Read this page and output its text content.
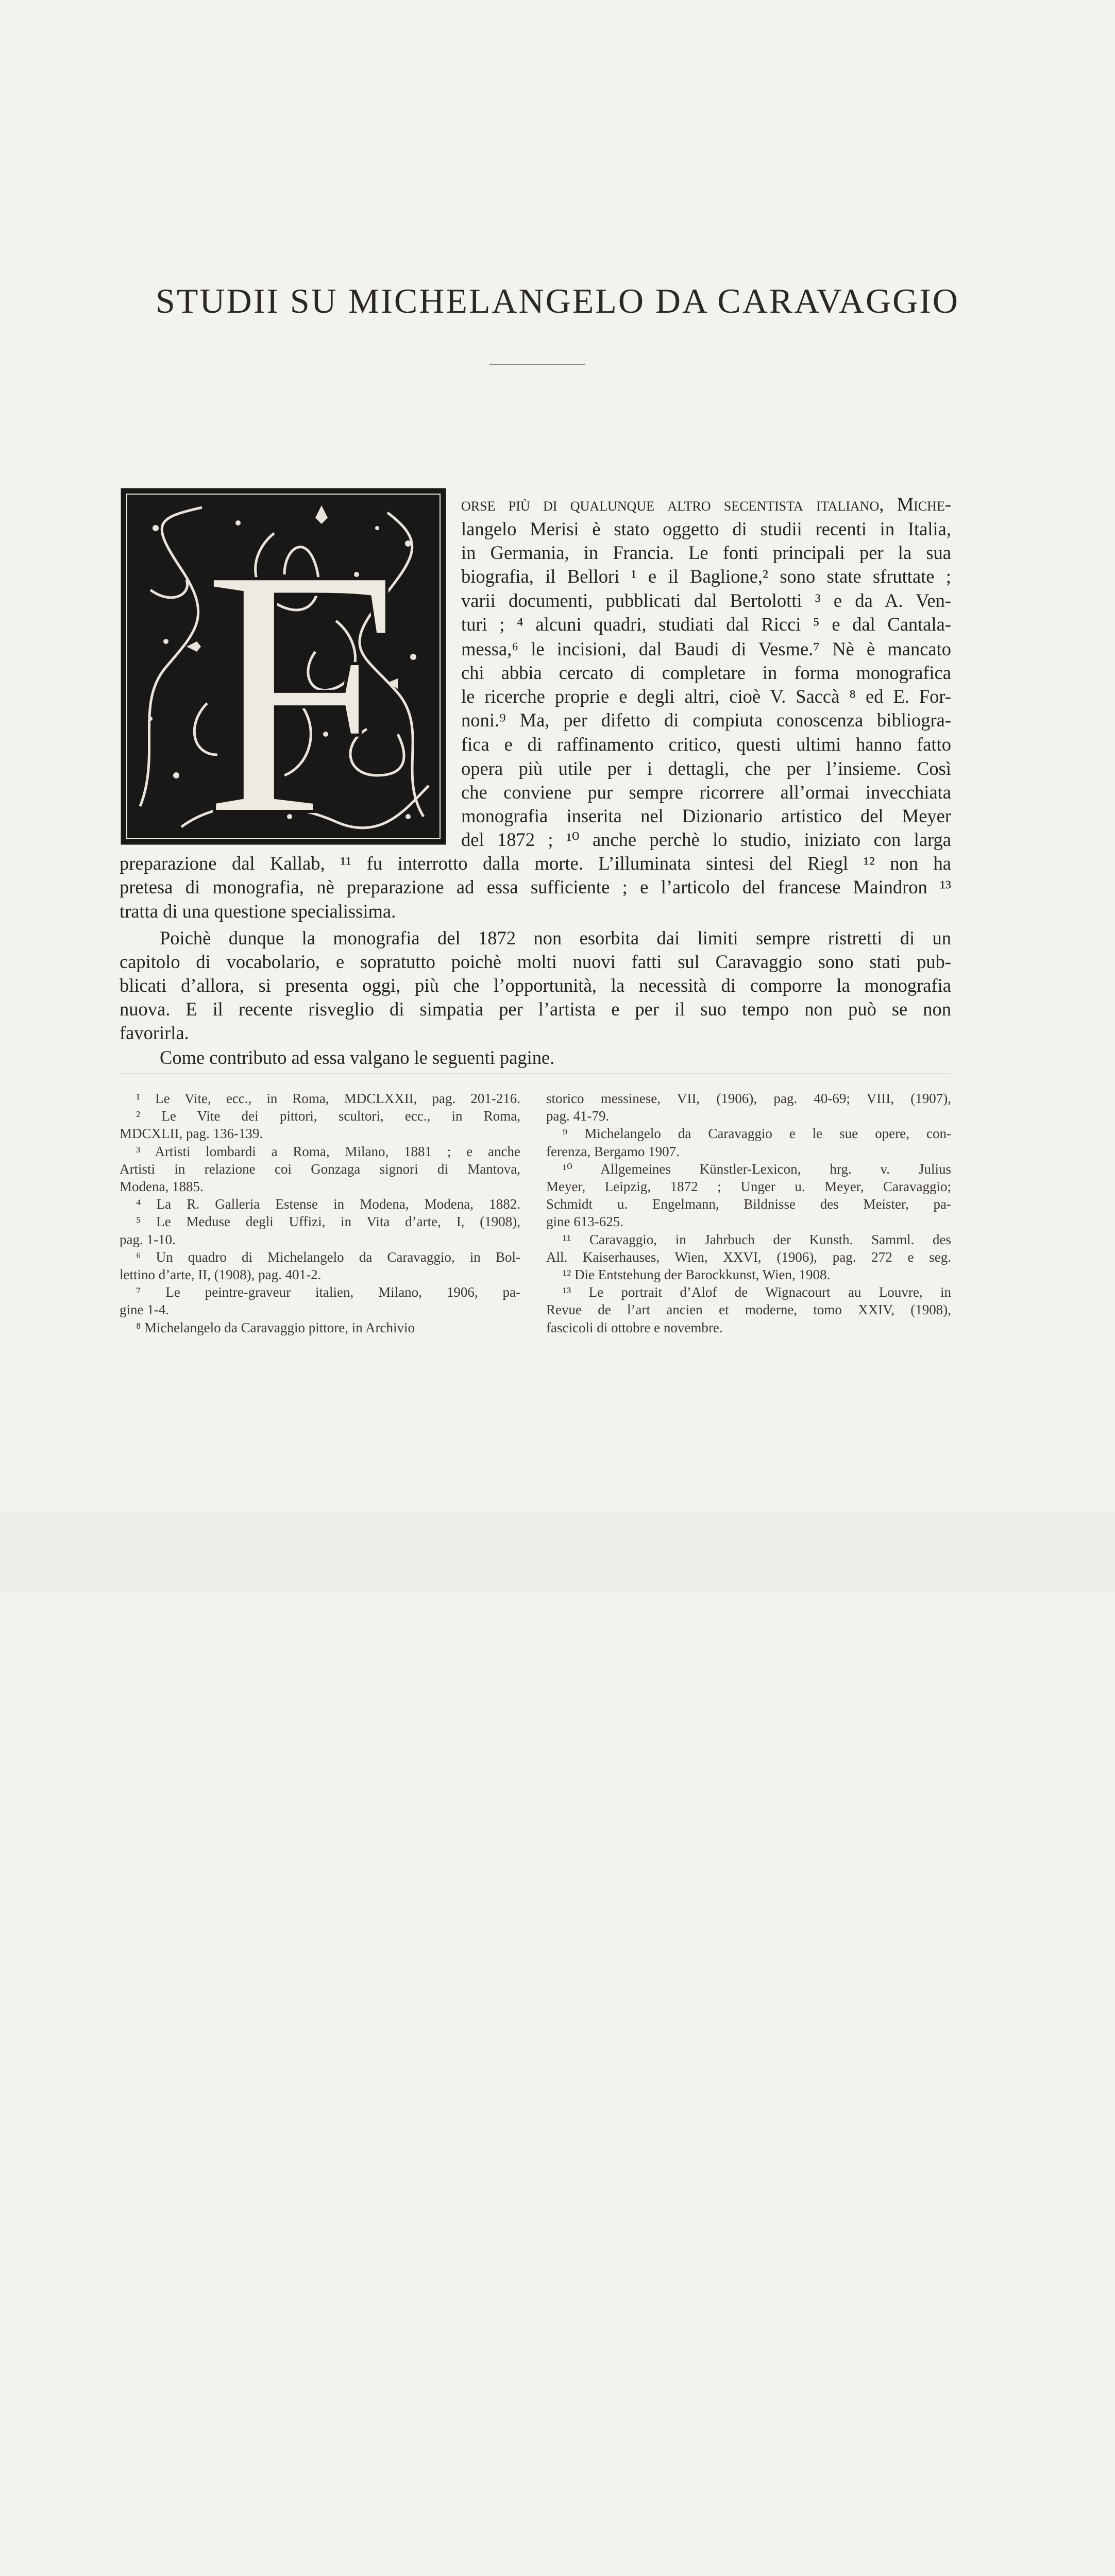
STUDII SU MICHELANGELO DA CARAVAGGIO
F	orse più di qualunque altro secentista italiano, Miche-
langelo Merisi è stato oggetto di studii recenti in Italia,
in Germania, in Francia. Le fonti principali per la sua
biografia, il Bellori ¹ e il Baglione,² sono state sfruttate ;
varii documenti, pubblicati dal Bertolotti ³ e da A. Ven-
turi ; ⁴ alcuni quadri, studiati dal Ricci ⁵ e dal Cantala-
messa,⁶ le incisioni, dal Baudi di Vesme.⁷ Nè è mancato
chi abbia cercato di completare in forma monografica
le ricerche proprie e degli altri, cioè V. Saccà ⁸ ed E. For-
noni.⁹ Ma, per difetto di compiuta conoscenza bibliogra-
fica e di raffinamento critico, questi ultimi hanno fatto
opera più utile per i dettagli, che per l’insieme. Così
che conviene pur sempre ricorrere all’ormai invecchiata
monografia inserita nel Dizionario artistico del Meyer
del 1872 ; ¹⁰ anche perchè lo studio, iniziato con larga
preparazione dal Kallab, ¹¹ fu interrotto dalla morte. L’illuminata sintesi del Riegl ¹² non ha
pretesa di monografia, nè preparazione ad essa sufficiente ; e l’articolo del francese Maindron ¹³
tratta di una questione specialissima.
Poichè dunque la monografia del 1872 non esorbita dai limiti sempre ristretti di un
capitolo di vocabolario, e sopratutto poichè molti nuovi fatti sul Caravaggio sono stati pub-
blicati d’allora, si presenta oggi, più che l’opportunità, la necessità di comporre la monografia
nuova. E il recente risveglio di simpatia per l’artista e per il suo tempo non può se non
favorirla.
Come contributo ad essa valgano le seguenti pagine.
¹ Le Vite, ecc., in Roma, MDCLXXII, pag. 201-216.
² Le Vite dei pittori, scultori, ecc., in Roma,
MDCXLII, pag. 136-139.
³ Artisti lombardi a Roma, Milano, 1881 ; e anche
Artisti in relazione coi Gonzaga signori di Mantova,
Modena, 1885.
⁴ La R. Galleria Estense in Modena, Modena, 1882.
⁵ Le Meduse degli Uffizi, in Vita d’arte, I, (1908),
pag. 1-10.
⁶ Un quadro di Michelangelo da Caravaggio, in Bol-
lettino d’arte, II, (1908), pag. 401-2.
⁷ Le peintre-graveur italien, Milano, 1906, pa-
gine 1-4.
⁸ Michelangelo da Caravaggio pittore, in Archivio
storico messinese, VII, (1906), pag. 40-69; VIII, (1907),
pag. 41-79.
⁹ Michelangelo da Caravaggio e le sue opere, con-
ferenza, Bergamo 1907.
¹⁰ Allgemeines Künstler-Lexicon, hrg. v. Julius
Meyer, Leipzig, 1872 ; Unger u. Meyer, Caravaggio;
Schmidt u. Engelmann, Bildnisse des Meister, pa-
gine 613-625.
¹¹ Caravaggio, in Jahrbuch der Kunsth. Samml. des
All. Kaiserhauses, Wien, XXVI, (1906), pag. 272 e seg.
¹² Die Entstehung der Barockkunst, Wien, 1908.
¹³ Le portrait d’Alof de Wignacourt au Louvre, in
Revue de l’art ancien et moderne, tomo XXIV, (1908),
fascicoli di ottobre e novembre.
